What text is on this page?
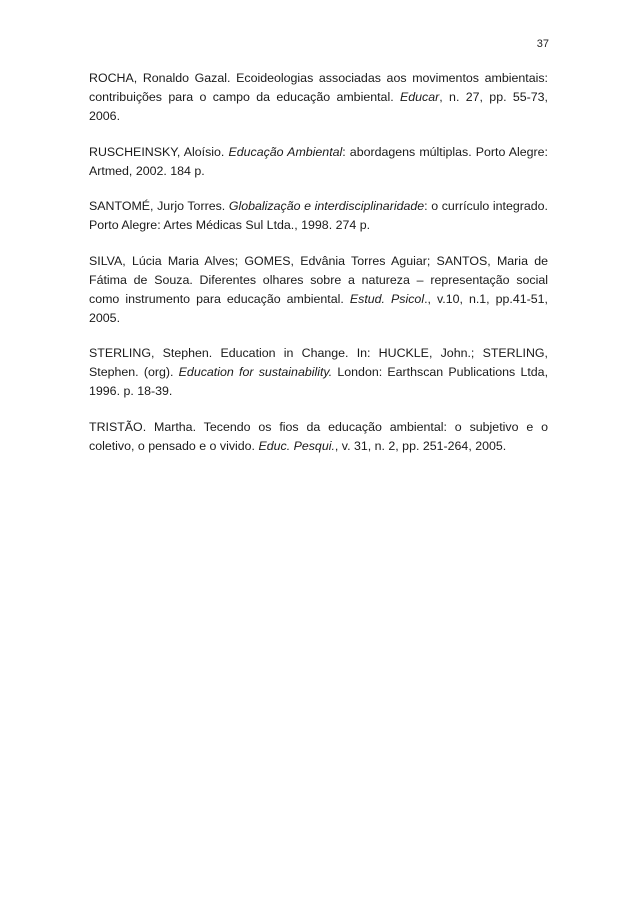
37

ROCHA, Ronaldo Gazal. Ecoideologias associadas aos movimentos ambientais: contribuições para o campo da educação ambiental. Educar, n. 27, pp. 55-73, 2006.

RUSCHEINSKY, Aloísio. Educação Ambiental: abordagens múltiplas. Porto Alegre: Artmed, 2002. 184 p.

SANTOMÉ, Jurjo Torres. Globalização e interdisciplinaridade: o currículo integrado. Porto Alegre: Artes Médicas Sul Ltda., 1998. 274 p.

SILVA, Lúcia Maria Alves; GOMES, Edvânia Torres Aguiar; SANTOS, Maria de Fátima de Souza. Diferentes olhares sobre a natureza – representação social como instrumento para educação ambiental. Estud. Psicol., v.10, n.1, pp.41-51, 2005.

STERLING, Stephen. Education in Change. In: HUCKLE, John.; STERLING, Stephen. (org). Education for sustainability. London: Earthscan Publications Ltda, 1996. p. 18-39.

TRISTÃO. Martha. Tecendo os fios da educação ambiental: o subjetivo e o coletivo, o pensado e o vivido. Educ. Pesqui., v. 31, n. 2, pp. 251-264, 2005.
